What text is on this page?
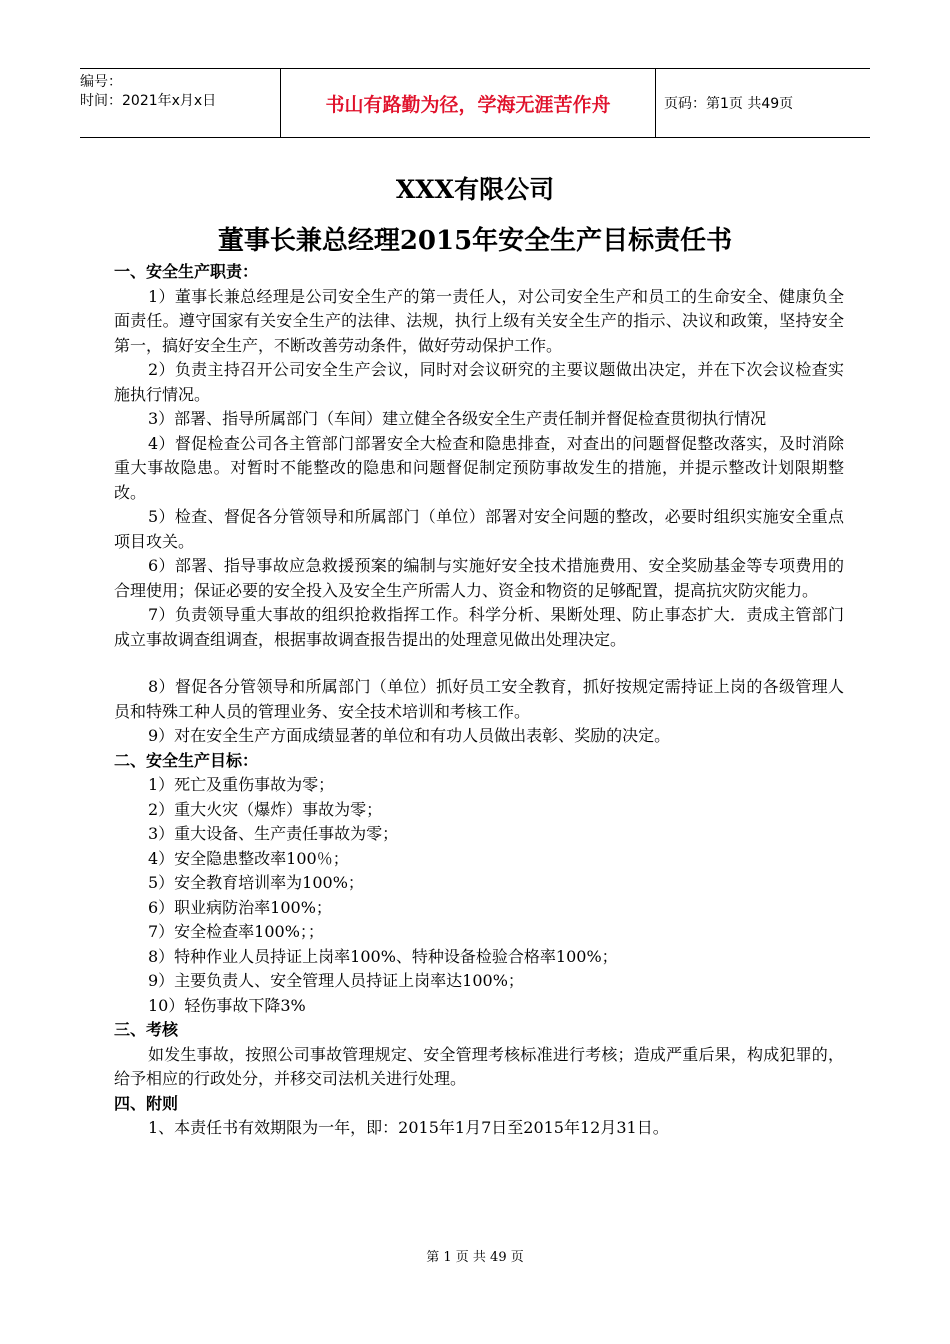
编号：
时间：2021年x月x日	书山有路勤为径，学海无涯苦作舟	页码：第1页 共49页
XXX有限公司
董事长兼总经理2015年安全生产目标责任书

一、安全生产职责：

1）董事长兼总经理是公司安全生产的第一责任人，对公司安全生产和员工的生命安全、健康负全面责任。遵守国家有关安全生产的法律、法规，执行上级有关安全生产的指示、决议和政策，坚持安全第一，搞好安全生产，不断改善劳动条件，做好劳动保护工作。

2）负责主持召开公司安全生产会议，同时对会议研究的主要议题做出决定，并在下次会议检查实施执行情况。

3）部署、指导所属部门（车间）建立健全各级安全生产责任制并督促检查贯彻执行情况

4）督促检查公司各主管部门部署安全大检查和隐患排查，对查出的问题督促整改落实，及时消除重大事故隐患。对暂时不能整改的隐患和问题督促制定预防事故发生的措施，并提示整改计划限期整改。

5）检查、督促各分管领导和所属部门（单位）部署对安全问题的整改，必要时组织实施安全重点项目攻关。

6）部署、指导事故应急救援预案的编制与实施好安全技术措施费用、安全奖励基金等专项费用的合理使用；保证必要的安全投入及安全生产所需人力、资金和物资的足够配置，提高抗灾防灾能力。

7）负责领导重大事故的组织抢救指挥工作。科学分析、果断处理、防止事态扩大．责成主管部门成立事故调查组调查，根据事故调查报告提出的处理意见做出处理决定。

8）督促各分管领导和所属部门（单位）抓好员工安全教育，抓好按规定需持证上岗的各级管理人员和特殊工种人员的管理业务、安全技术培训和考核工作。

9）对在安全生产方面成绩显著的单位和有功人员做出表彰、奖励的决定。

二、安全生产目标：

1）死亡及重伤事故为零；

2）重大火灾（爆炸）事故为零；

3）重大设备、生产责任事故为零；

4）安全隐患整改率100％；

5）安全教育培训率为100%；

6）职业病防治率100%；

7）安全检查率100%；；

8）特种作业人员持证上岗率100%、特种设备检验合格率100%；

9）主要负责人、安全管理人员持证上岗率达100%；

10）轻伤事故下降3%

三、考核

如发生事故，按照公司事故管理规定、安全管理考核标准进行考核；造成严重后果，构成犯罪的，给予相应的行政处分，并移交司法机关进行处理。

四、附则

1、本责任书有效期限为一年，即：2015年1月7日至2015年12月31日。

第 1 页 共 49 页
